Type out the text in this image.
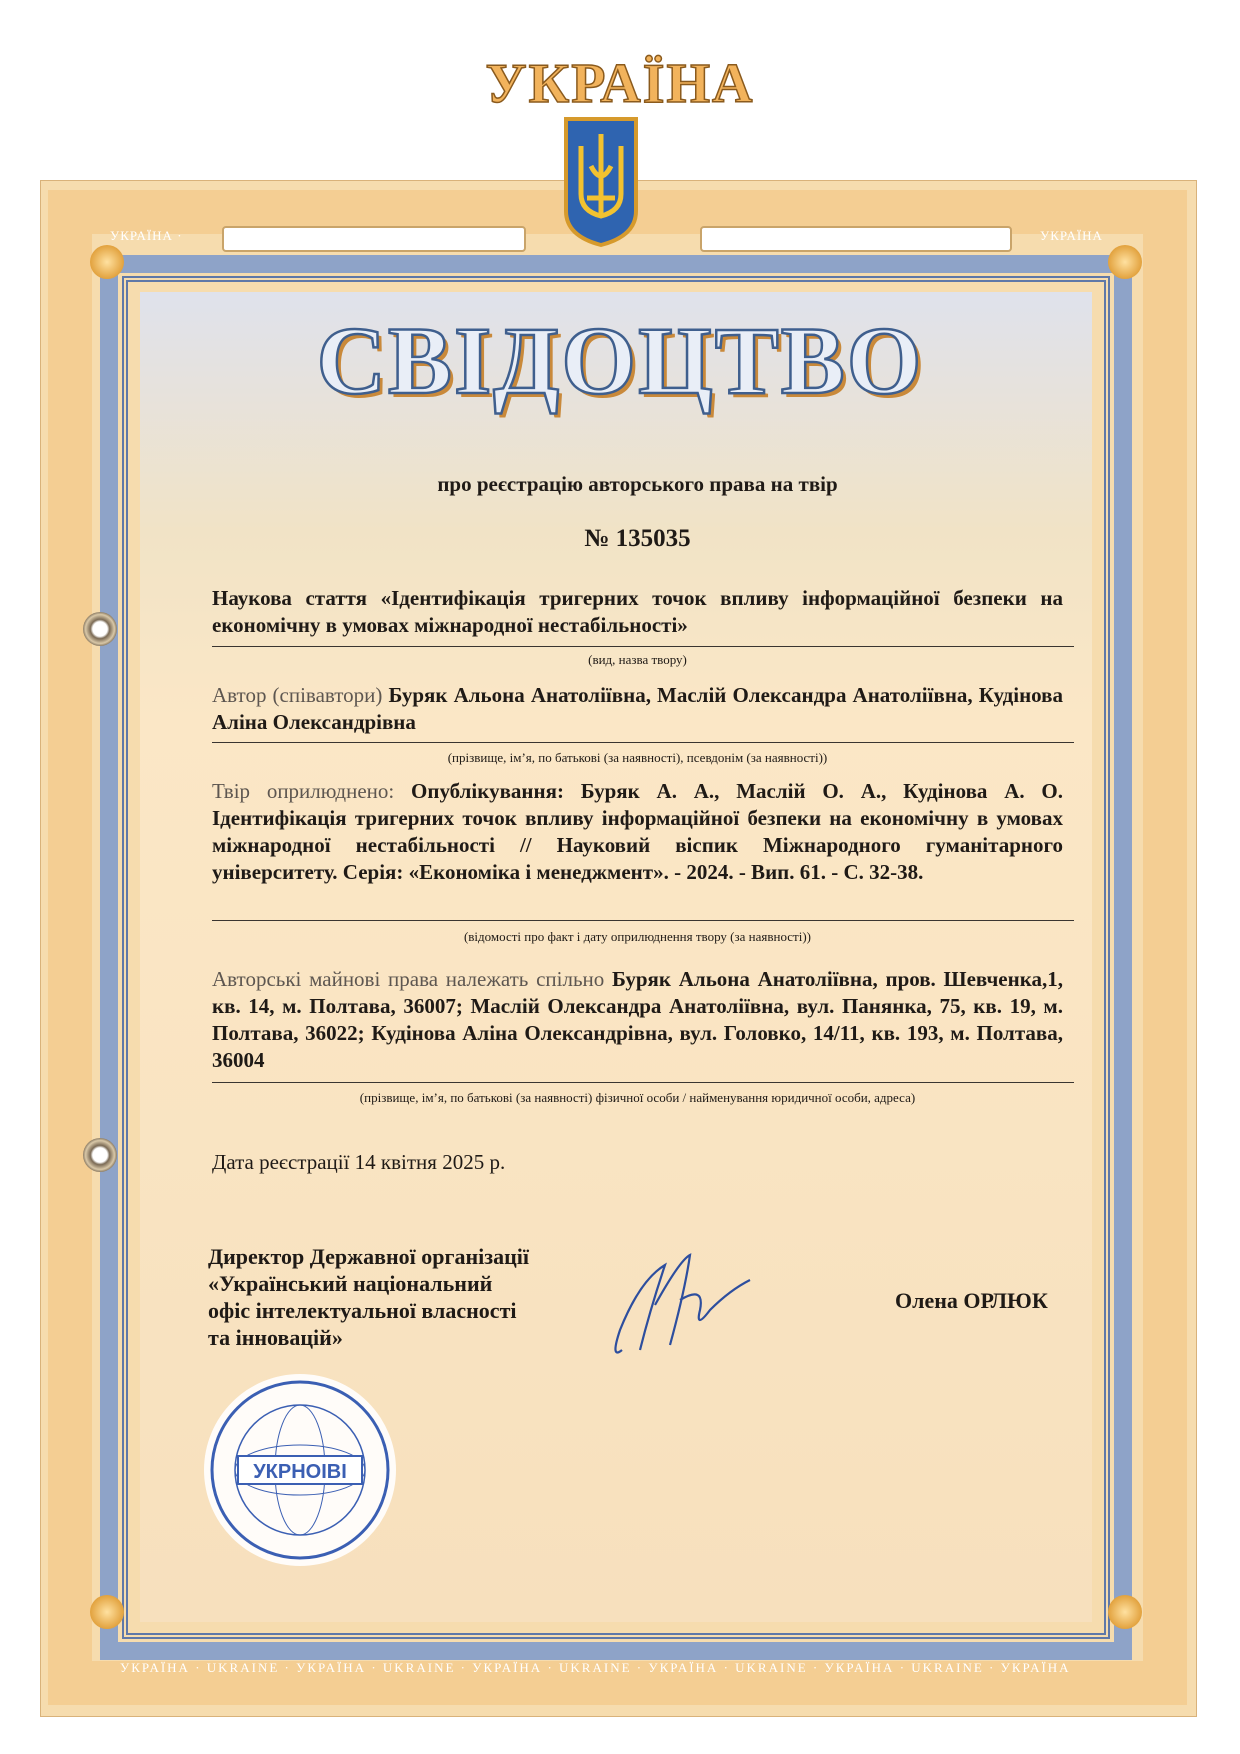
УКРАЇНА ·	УКРАЇНА
УКРАЇНА · UKRAINE · УКРАЇНА · UKRAINE · УКРАЇНА · UKRAINE · УКРАЇНА · UKRAINE · УКРАЇНА · UKRAINE · УКРАЇНА
УКРАЇНА
СВІДОЦТВО
про реєстрацію авторського права на твір
№ 135035
Наукова стаття «Ідентифікація тригерних точок впливу інформаційної безпеки на економічну в умовах міжнародної нестабільності»
(вид, назва твору)
Автор (співавтори) Буряк Альона Анатоліївна, Маслій Олександра Анатоліївна, Кудінова Аліна Олександрівна
(прізвище, ім’я, по батькові (за наявності), псевдонім (за наявності))
Твір оприлюднено: Опублікування: Буряк А. А., Маслій О. А., Кудінова А. О. Ідентифікація тригерних точок впливу інформаційної безпеки на економічну в умовах міжнародної нестабільності // Науковий віспик Міжнародного гуманітарного університету. Серія: «Економіка і менеджмент». - 2024. - Вип. 61. - С. 32-38.
(відомості про факт і дату оприлюднення твору (за наявності))
Авторські майнові права належать спільно Буряк Альона Анатоліївна, пров. Шевченка,1, кв. 14, м. Полтава, 36007; Маслій Олександра Анатоліївна, вул. Панянка, 75, кв. 19, м. Полтава, 36022; Кудінова Аліна Олександрівна, вул. Головко, 14/11, кв. 193, м. Полтава, 36004
(прізвище, ім’я, по батькові (за наявності) фізичної особи / найменування юридичної особи, адреса)
Дата реєстрації 14 квітня 2025 р.
Директор Державної організації
«Український національний
офіс інтелектуальної власності
та інновацій»
Олена ОРЛЮК
УКРНОІВІ
